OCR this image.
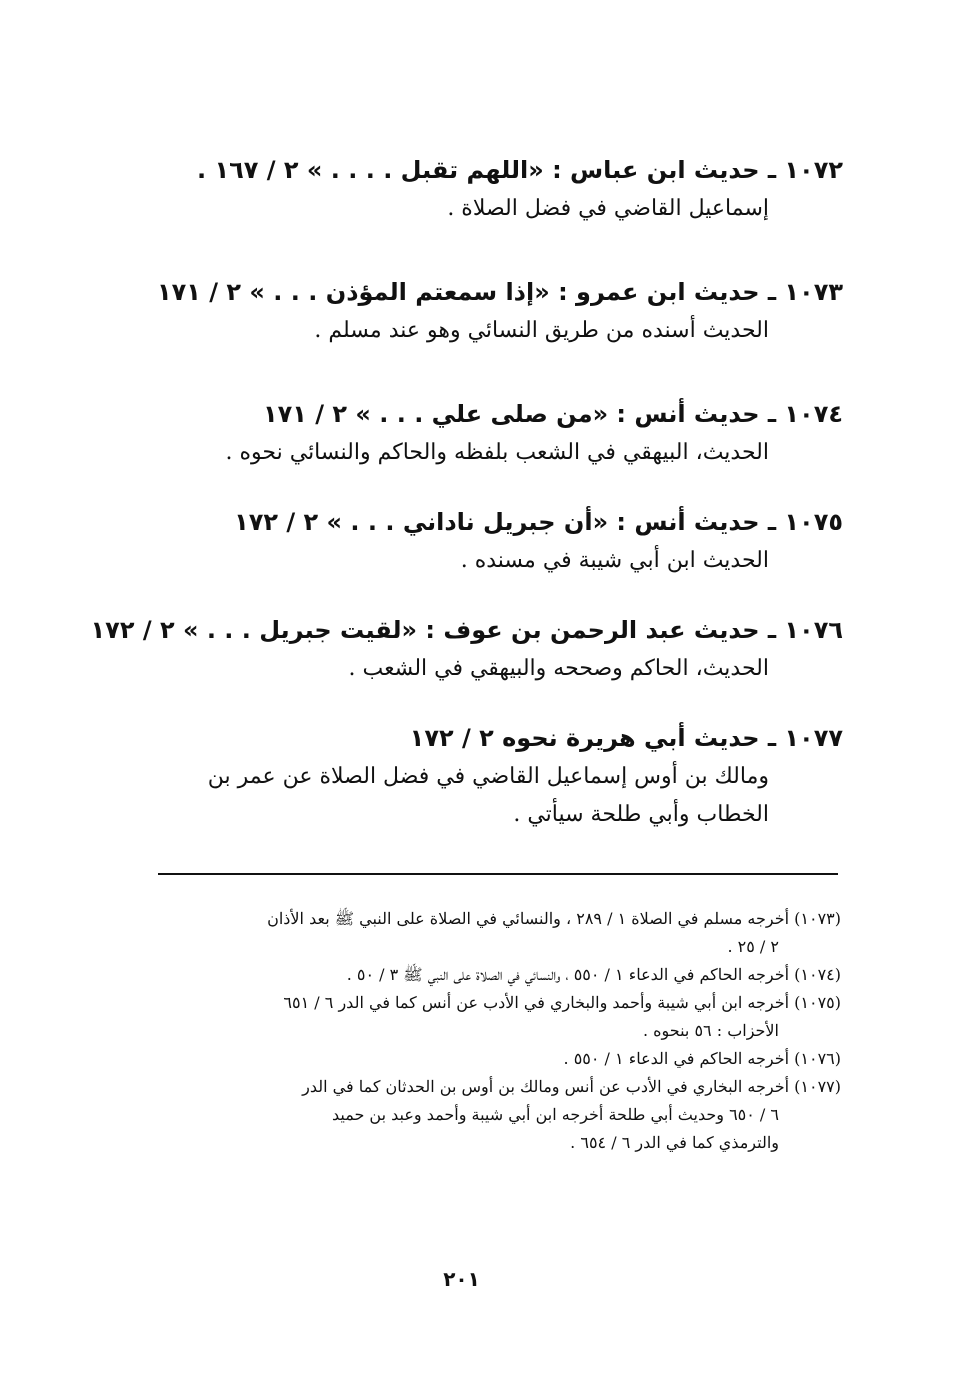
١٠٧٢ ـ حديث ابن عباس : «اللهم تقبل . . . . » ٢ / ١٦٧ .
إسماعيل القاضي في فضل الصلاة .
١٠٧٣ ـ حديث ابن عمرو : «إذا سمعتم المؤذن . . . » ٢ / ١٧١
الحديث أسنده من طريق النسائي وهو عند مسلم .
١٠٧٤ ـ حديث أنس : «من صلى علي . . . » ٢ / ١٧١
الحديث، البيهقي في الشعب بلفظه والحاكم والنسائي نحوه .
١٠٧٥ ـ حديث أنس : «أن جبريل ناداني . . . » ٢ / ١٧٢
الحديث ابن أبي شيبة في مسنده .
١٠٧٦ ـ حديث عبد الرحمن بن عوف : «لقيت جبريل . . . » ٢ / ١٧٢
الحديث، الحاكم وصححه والبيهقي في الشعب .
١٠٧٧ ـ حديث أبي هريرة نحوه ٢ / ١٧٢
ومالك بن أوس إسماعيل القاضي في فضل الصلاة عن عمر بن
الخطاب وأبي طلحة سيأتي .
(١٠٧٣) أخرجه مسلم في الصلاة ١ / ٢٨٩ ، والنسائي في الصلاة على النبي ﷺ بعد الأذان
٢ / ٢٥ .
(١٠٧٤) أخرجه الحاكم في الدعاء ١ / ٥٥٠ ، والنسائي في الصلاة على النبي ﷺ ٣ / ٥٠ .
(١٠٧٥) أخرجه ابن أبي شيبة وأحمد والبخاري في الأدب عن أنس كما في الدر ٦ / ٦٥١
الأحزاب : ٥٦ بنحوه .
(١٠٧٦) أخرجه الحاكم في الدعاء ١ / ٥٥٠ .
(١٠٧٧) أخرجه البخاري في الأدب عن أنس ومالك بن أوس بن الحدثان كما في الدر
٦ / ٦٥٠ وحديث أبي طلحة أخرجه ابن أبي شيبة وأحمد وعبد بن حميد
والترمذي كما في الدر ٦ / ٦٥٤ .
٢٠١
